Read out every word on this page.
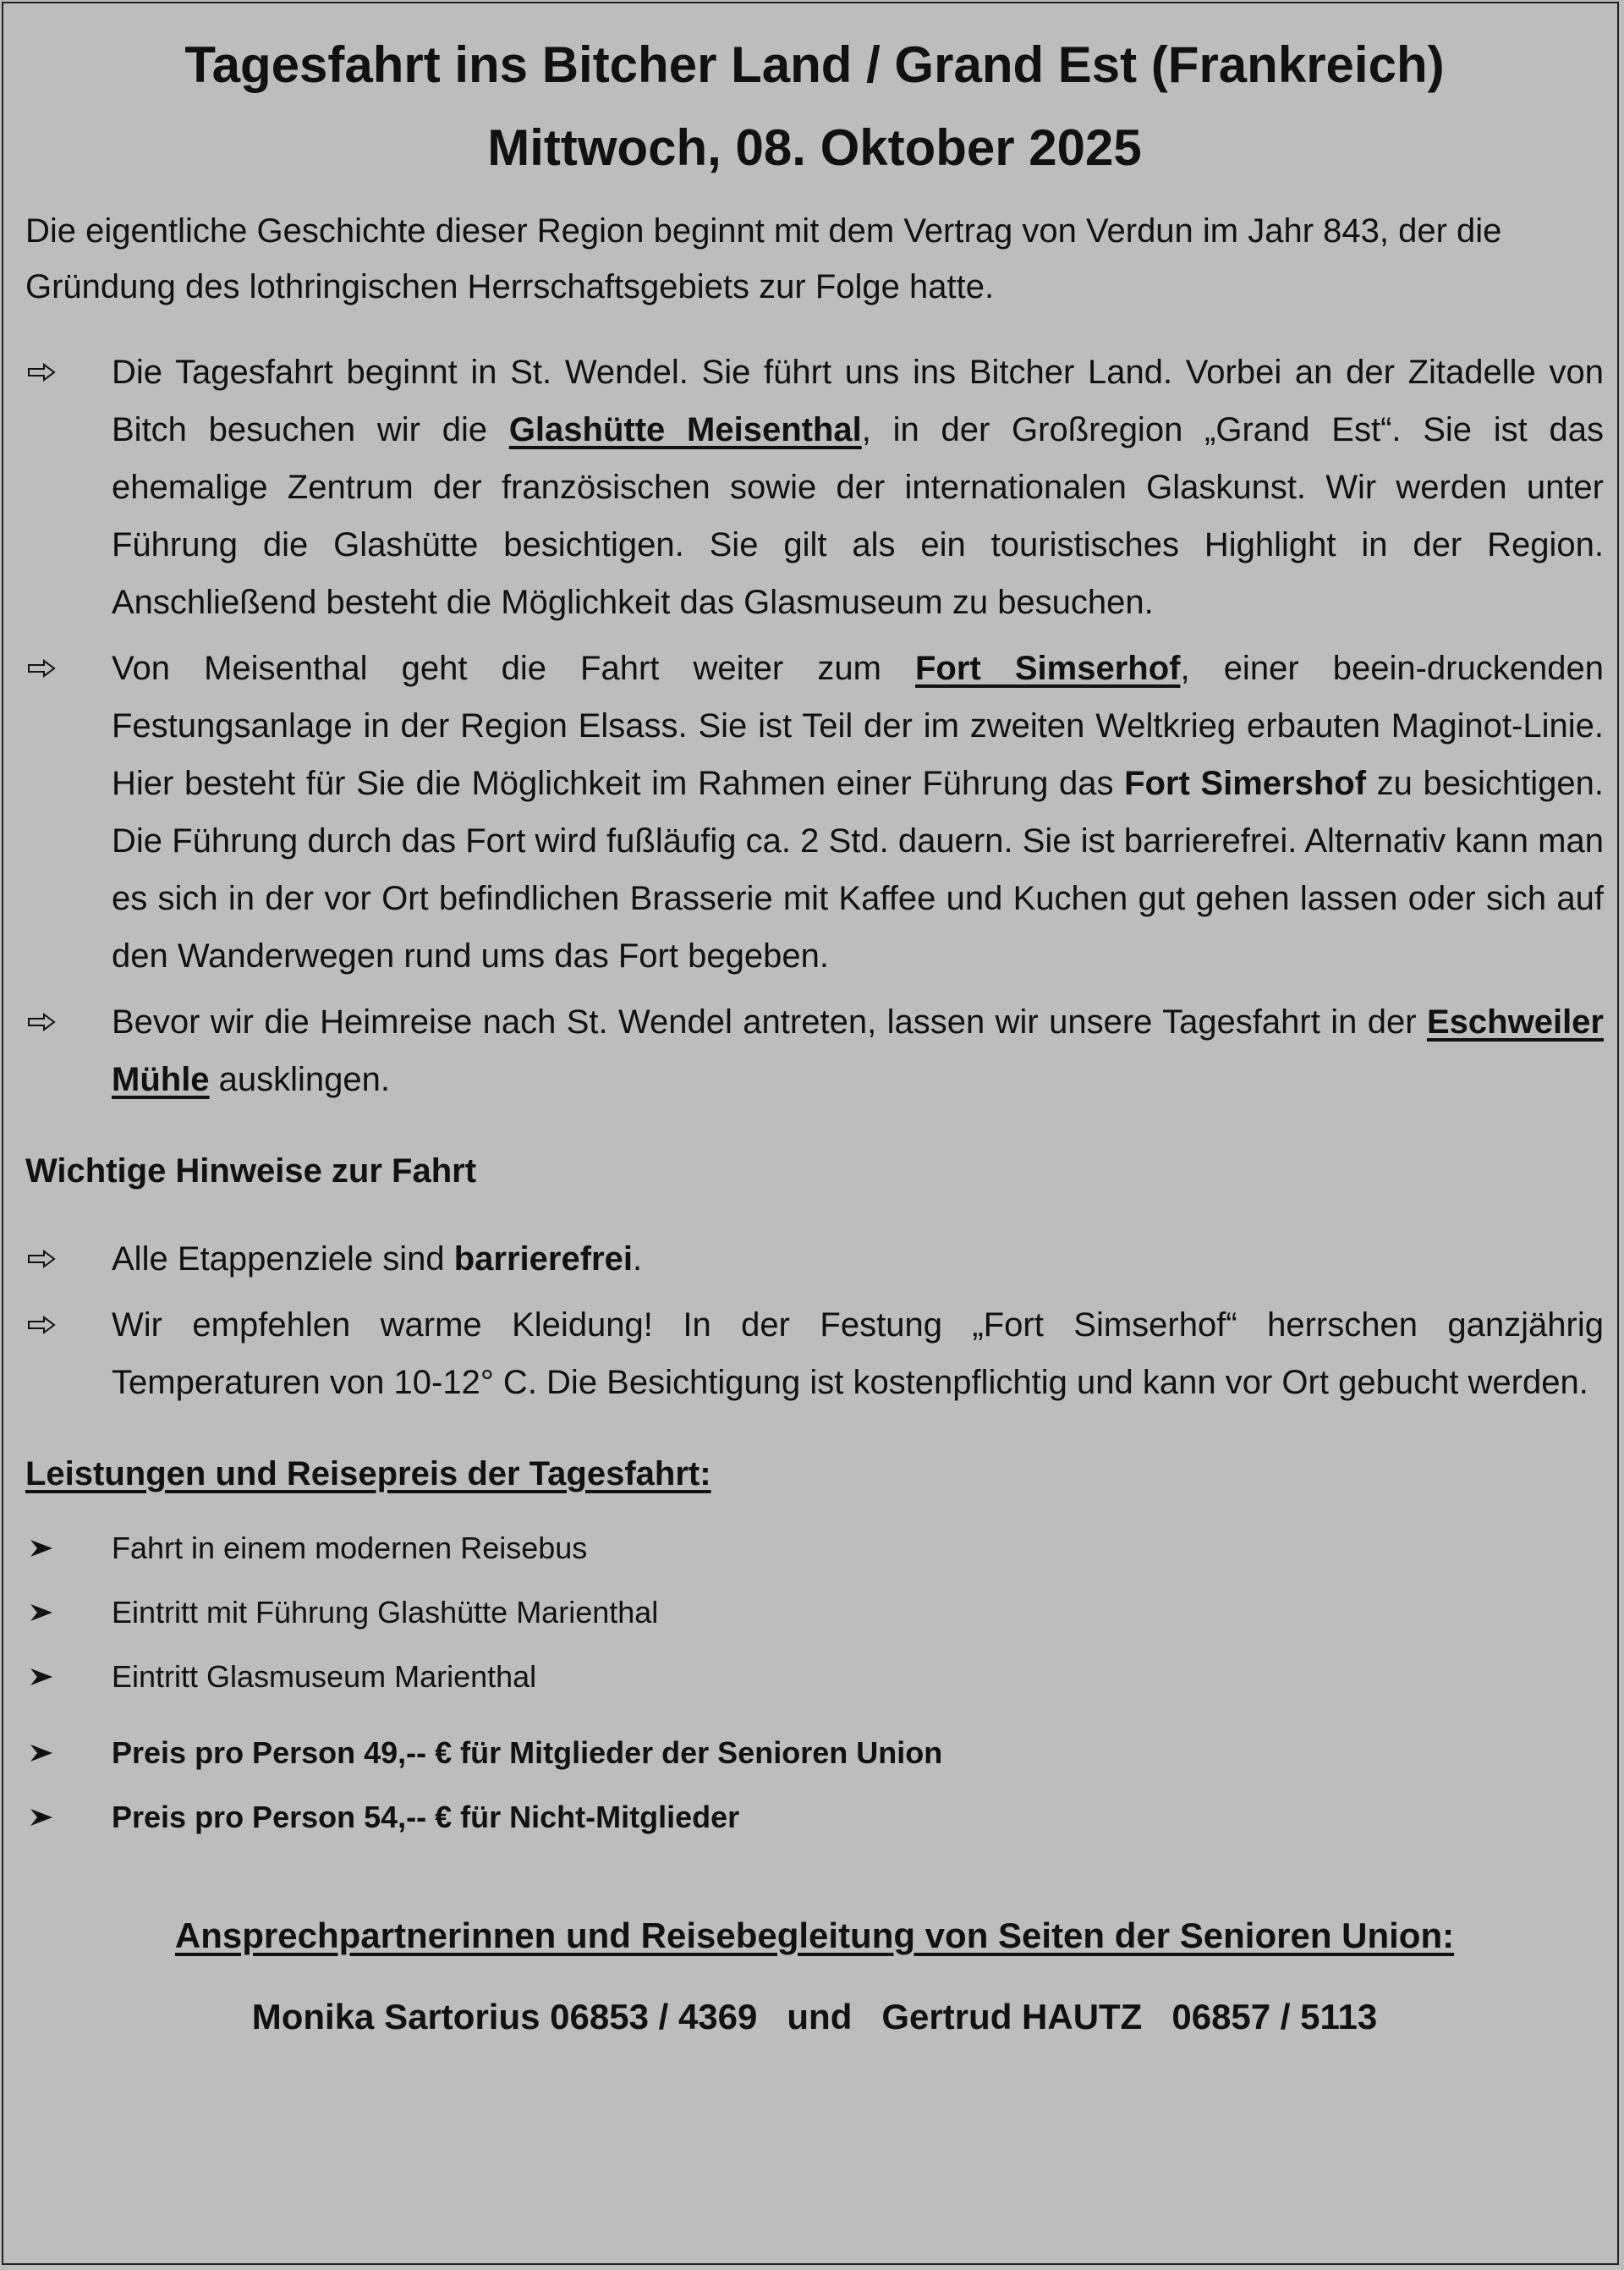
Tagesfahrt ins Bitcher Land / Grand Est (Frankreich)
Mittwoch, 08. Oktober 2025

Die eigentliche Geschichte dieser Region beginnt mit dem Vertrag von Verdun im Jahr 843, der die Gründung des lothringischen Herrschaftsgebiets zur Folge hatte.

Die Tagesfahrt beginnt in St. Wendel. Sie führt uns ins Bitcher Land. Vorbei an der Zitadelle von Bitch besuchen wir die Glashütte Meisenthal, in der Großregion „Grand Est“. Sie ist das ehemalige Zentrum der französischen sowie der internationalen Glaskunst. Wir werden unter Führung die Glashütte besichtigen. Sie gilt als ein touristisches Highlight in der Region. Anschließend besteht die Möglichkeit das Glasmuseum zu besuchen.
Von Meisenthal geht die Fahrt weiter zum Fort Simserhof, einer beein-druckenden Festungsanlage in der Region Elsass. Sie ist Teil der im zweiten Weltkrieg erbauten Maginot-Linie. Hier besteht für Sie die Möglichkeit im Rahmen einer Führung das Fort Simershof zu besichtigen. Die Führung durch das Fort wird fußläufig ca. 2 Std. dauern. Sie ist barrierefrei. Alternativ kann man es sich in der vor Ort befindlichen Brasserie mit Kaffee und Kuchen gut gehen lassen oder sich auf den Wanderwegen rund ums das Fort begeben.
Bevor wir die Heimreise nach St. Wendel antreten, lassen wir unsere Tagesfahrt in der Eschweiler Mühle ausklingen.
Wichtige Hinweise zur Fahrt
Alle Etappenziele sind barrierefrei.
Wir empfehlen warme Kleidung! In der Festung „Fort Simserhof“ herrschen ganzjährig Temperaturen von 10-12° C. Die Besichtigung ist kostenpflichtig und kann vor Ort gebucht werden.
Leistungen und Reisepreis der Tagesfahrt:
Fahrt in einem modernen Reisebus
Eintritt mit Führung Glashütte Marienthal
Eintritt Glasmuseum Marienthal
Preis pro Person 49,-- € für Mitglieder der Senioren Union
Preis pro Person 54,-- € für Nicht-Mitglieder
Ansprechpartnerinnen und Reisebegleitung von Seiten der Senioren Union:
Monika Sartorius 06853 / 4369   und   Gertrud HAUTZ   06857 / 5113
